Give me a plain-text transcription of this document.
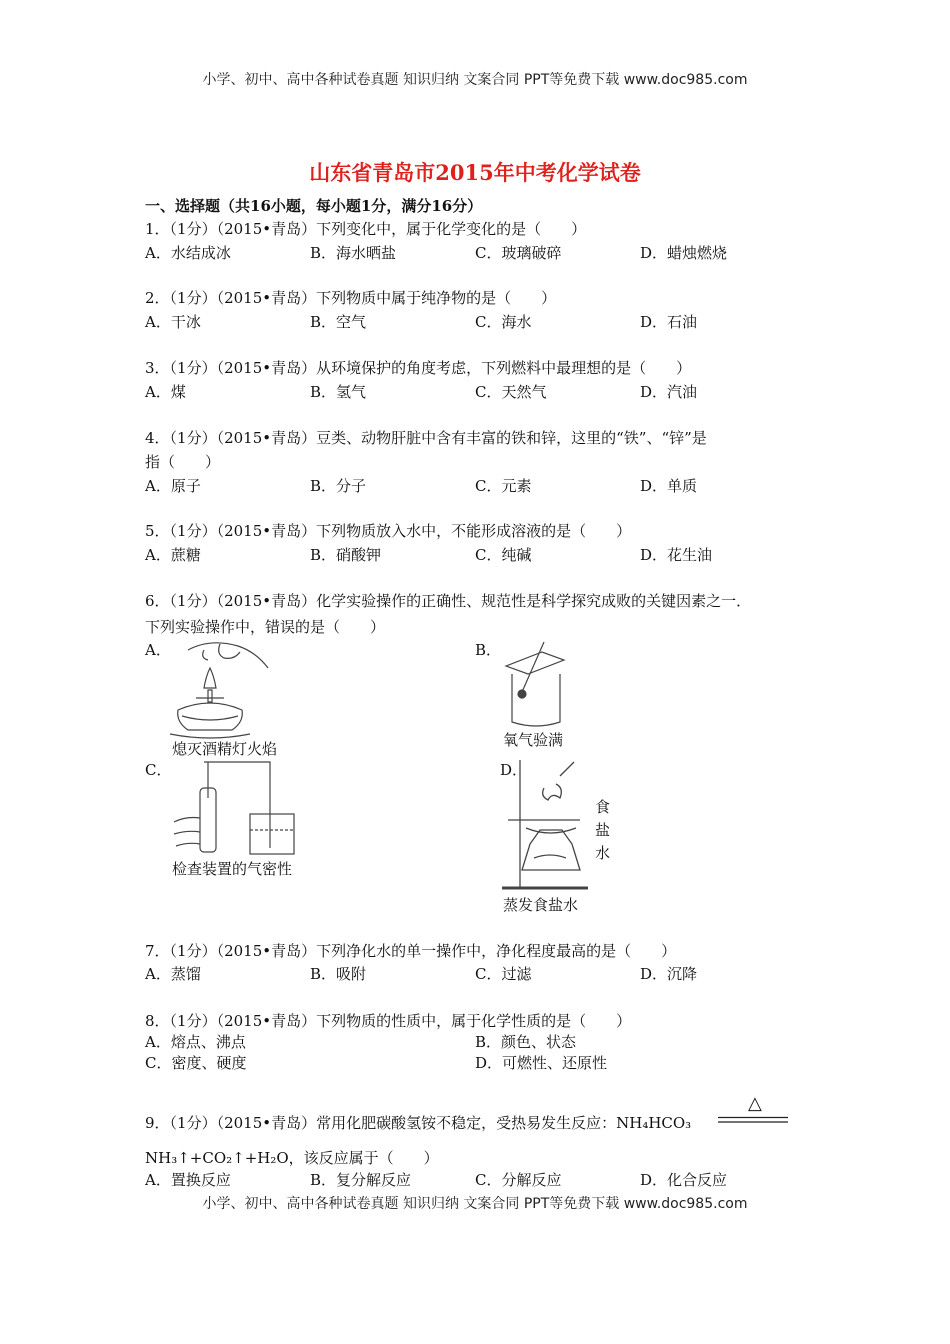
小学、初中、高中各种试卷真题 知识归纳 文案合同 PPT等免费下载 www.doc985.com
山东省青岛市2015年中考化学试卷
一、选择题（共16小题，每小题1分，满分16分）
1．（1分）（2015•青岛）下列变化中，属于化学变化的是（　　）
A．水结成冰	B．海水晒盐	C．玻璃破碎	D．蜡烛燃烧
2．（1分）（2015•青岛）下列物质中属于纯净物的是（　　）
A．干冰	B．空气	C．海水	D．石油
3．（1分）（2015•青岛）从环境保护的角度考虑，下列燃料中最理想的是（　　）
A．煤	B．氢气	C．天然气	D．汽油
4．（1分）（2015•青岛）豆类、动物肝脏中含有丰富的铁和锌，这里的“铁”、“锌”是
指（　　）
A．原子	B．分子	C．元素	D．单质
5．（1分）（2015•青岛）下列物质放入水中，不能形成溶液的是（　　）
A．蔗糖	B．硝酸钾	C．纯碱	D．花生油
6．（1分）（2015•青岛）化学实验操作的正确性、规范性是科学探究成败的关键因素之一．
下列实验操作中，错误的是（　　）
A．	B．
C．	D．
熄灭酒精灯火焰	氧气验满
检查装置的气密性
食
盐
水
蒸发食盐水
7．（1分）（2015•青岛）下列净化水的单一操作中，净化程度最高的是（　　）
A．蒸馏	B．吸附	C．过滤	D．沉降
8．（1分）（2015•青岛）下列物质的性质中，属于化学性质的是（　　）
A．熔点、沸点	B．颜色、状态
C．密度、硬度	D．可燃性、还原性
9．（1分）（2015•青岛）常用化肥碳酸氢铵不稳定，受热易发生反应：NH₄HCO₃
△
NH₃↑+CO₂↑+H₂O，该反应属于（　　）
A．置换反应	B．复分解反应	C．分解反应	D．化合反应
小学、初中、高中各种试卷真题 知识归纳 文案合同 PPT等免费下载 www.doc985.com
